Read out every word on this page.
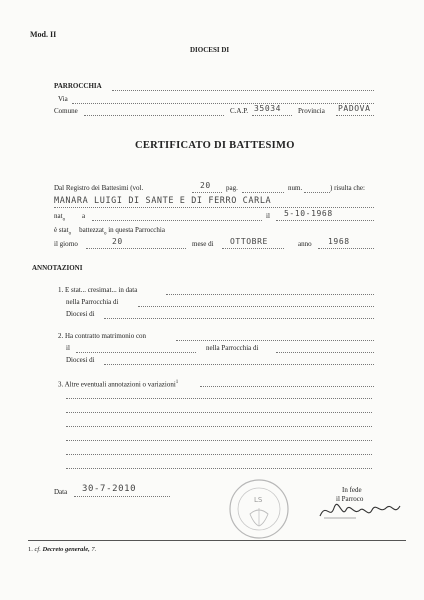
Mod. II
DIOCESI DI
PARROCCHIA
Via
Comune	C.A.P. 35034 Provincia PADOVA
CERTIFICATO DI BATTESIMO
Dal Registro dei Battesimi (vol.	20 pag.	num.	) risulta che:
MANARA LUIGI DI SANTE E DI FERRO CARLA
nat$_o$ a	il 5-10-1968
è stat$_o$ battezzat$_o$ in questa Parrocchia
il giorno	20	mese di OTTOBRE	anno 1968
ANNOTAZIONI
1. E stat... cresimat... in data
nella Parrocchia di
Diocesi di
2. Ha contratto matrimonio con
il	nella Parrocchia di
Diocesi di
3. Altre eventuali annotazioni o variazioni$^1$
Data 30-7-2010
LS
In fede
il Parroco
1. cf. Decreto generale, 7.
